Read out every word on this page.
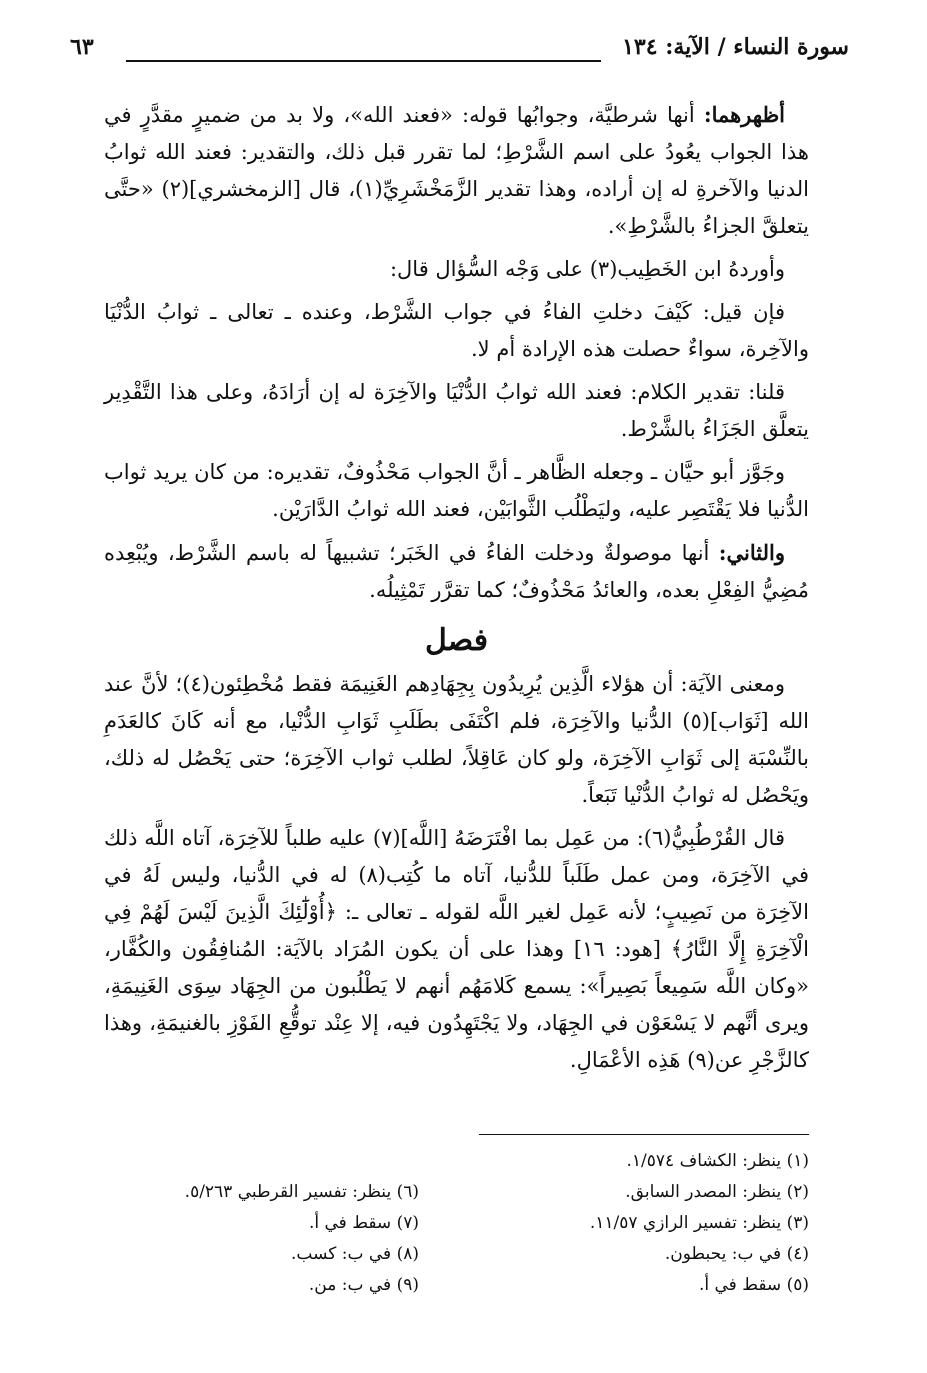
سورة النساء / الآية: ١٣٤
٦٣

أظهرهما: أنها شرطيَّة، وجوابُها قوله: «فعند الله»، ولا بد من ضميرٍ مقدَّرٍ في هذا الجواب يعُودُ على اسم الشَّرْطِ؛ لما تقرر قبل ذلك، والتقدير: فعند الله ثوابُ الدنيا والآخرةِ له إن أراده، وهذا تقدير الزَّمَخْشَرِيِّ(١)، قال [الزمخشري](٢) «حتَّى يتعلقَّ الجزاءُ بالشَّرْطِ».

وأوردهُ ابن الخَطِيب(٣) على وَجْه السُّؤال قال:

فإن قيل: كَيْفَ دخلتِ الفاءُ في جواب الشَّرْط، وعنده ـ تعالى ـ ثوابُ الدُّنْيَا والآخِرة، سواءٌ حصلت هذه الإرادة أم لا.

قلنا: تقدير الكلام: فعند الله ثوابُ الدُّنْيَا والآخِرَة له إن أرَادَهُ، وعلى هذا التَّقْدِير يتعلَّق الجَزَاءُ بالشَّرْط.

وجَوَّز أبو حيَّان ـ وجعله الظَّاهر ـ أنَّ الجواب مَحْذُوفٌ، تقديره: من كان يريد ثواب الدُّنيا فلا يَقْتَصِر عليه، وليَطْلُب الثَّوابَيْن، فعند الله ثوابُ الدَّارَيْن.

والثاني: أنها موصولةٌ ودخلت الفاءُ في الخَبَر؛ تشبيهاً له باسم الشَّرْط، ويُبْعِده مُضِيُّ الفِعْلِ بعده، والعائدُ مَحْذُوفٌ؛ كما تقرَّر تَمْثِيلُه.

فصل

ومعنى الآيَة: أن هؤلاء الَّذِين يُرِيدُون بِجِهَادِهم الغَنِيمَة فقط مُخْطِئون(٤)؛ لأنَّ عند الله [ثَوَاب](٥) الدُّنيا والآخِرَة، فلم اكْتَفَى بطَلَبِ ثَوَابِ الدُّنْيا، مع أنه كَانَ كالعَدَمِ بالنِّسْبَة إلى ثَوَابِ الآخِرَة، ولو كان عَاقِلاً، لطلب ثواب الآخِرَة؛ حتى يَحْصُل له ذلك، ويَحْصُل له ثوابُ الدُّنْيا تَبَعاً.

قال القُرْطُبِيُّ(٦): من عَمِل بما افْتَرَضَهُ [اللَّه](٧) عليه طلباً للآخِرَة، آتاه اللَّه ذلك في الآخِرَة، ومن عمل طَلَباً للدُّنيا، آتاه ما كُتِب(٨) له في الدُّنيا، وليس لَهُ في الآخِرَة من نَصِيبٍ؛ لأنه عَمِل لغير اللَّه لقوله ـ تعالى ـ: ﴿أُوْلَٰٓئِكَ الَّذِينَ لَيْسَ لَهُمْ فِي الْآخِرَةِ إِلَّا النَّارُ﴾ [هود: ١٦] وهذا على أن يكون المُرَاد بالآيَة: المُنافِقُون والكُفَّار، «وكان اللَّه سَمِيعاً بَصِيراً»: يسمع كَلامَهُم أنهم لا يَطْلُبون من الجِهَاد سِوَى الغَنِيمَةِ، ويرى أنَّهم لا يَسْعَوْن في الجِهَاد، ولا يَجْتَهِدُون فيه، إلا عِنْد توقُّعِ الفَوْزِ بالغنيمَةِ، وهذا كالزَّجْرِ عن(٩) هَذِه الأعْمَالِ.

(١) ينظر: الكشاف ١/٥٧٤.
(٢) ينظر: المصدر السابق.
(٣) ينظر: تفسير الرازي ١١/٥٧.
(٤) في ب: يحبطون.
(٥) سقط في أ.
(٦) ينظر: تفسير القرطبي ٥/٢٦٣.
(٧) سقط في أ.
(٨) في ب: كسب.
(٩) في ب: من.
